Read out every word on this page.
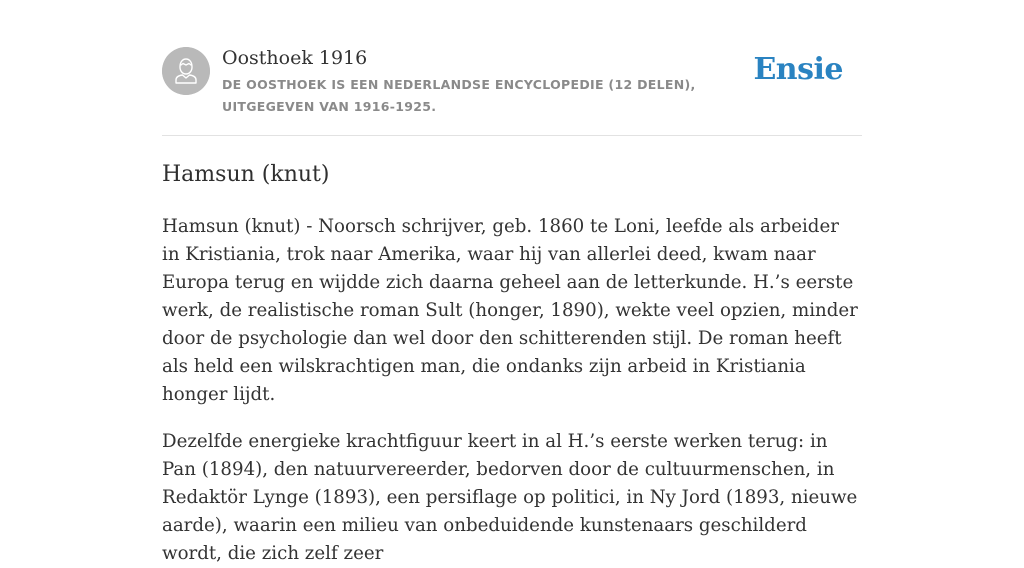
Oosthoek 1916

DE OOSTHOEK IS EEN NEDERLANDSE ENCYCLOPEDIE (12 DELEN), UITGEGEVEN VAN 1916-1925.

Ensie
Hamsun (knut)

Hamsun (knut) - Noorsch schrijver, geb. 1860 te Loni, leefde als arbeider in Kristiania, trok naar Amerika, waar hij van allerlei deed, kwam naar Europa terug en wijdde zich daarna geheel aan de letterkunde. H.’s eerste werk, de realistische roman Sult (honger, 1890), wekte veel opzien, minder door de psychologie dan wel door den schitterenden stijl. De roman heeft als held een wilskrachtigen man, die ondanks zijn arbeid in Kristiania honger lijdt.

Dezelfde energieke krachtfiguur keert in al H.’s eerste werken terug: in Pan (1894), den natuurvereerder, bedorven door de cultuurmenschen, in Redaktör Lynge (1893), een persiflage op politici, in Ny Jord (1893, nieuwe aarde), waarin een milieu van onbeduidende kunstenaars geschilderd wordt, die zich zelf zeer
